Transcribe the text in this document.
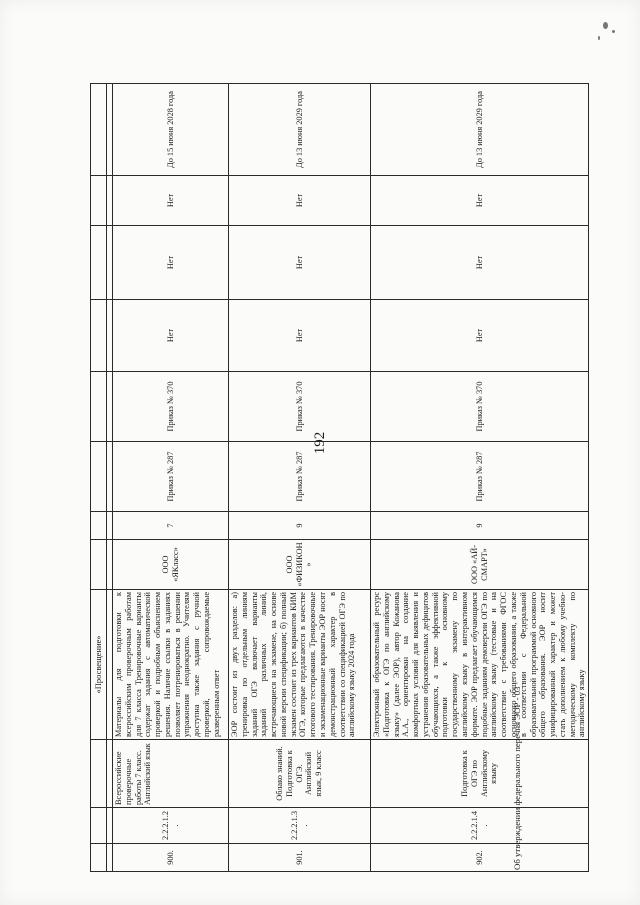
192
			«Просвещение»								

900.	2.2.2.1.2.	Всероссийские проверочные работы 7 класс. Английский язык	Материалы для подготовки к всероссийским проверочным работам для 7 класса Тренировочные варианты содержат задания с автоматической проверкой и подробным объяснением решения. Наличие ссылки в заданиях позволяет потренироваться в решении упражнения неоднократно. Учителям доступна также задания с ручной проверкой, сопровождаемые разверенным ответ	ООО «ЯКласс»	7	Приказ № 287	Приказ № 370	Нет	Нет	Нет	До 15 июня 2028 года
901.	2.2.2.1.3.	Облако знаний. Подготовка к ОГЭ. Английский язык, 9 класс	ЭОР состоит из двух разделов: а) тренировка по отдельным линиям заданий ОГЭ включает варианты заданий различных линий, встречающиеся на экзамене, на основе новой версии спецификации; б) полный экзамен состоит из трех вариантов КИМ ОГЭ, которые предлагаются в качестве итогового тестирования. Тренировочные и экзаменационные варианты ЭОР носят демонстрационный характер в соответствии со спецификацией ОГЭ по английскому языку 2024 года	ООО «ФИЗИКОН»	9	Приказ № 287	Приказ № 370	Нет	Нет	Нет	До 13 июня 2029 года
902.	2.2.2.1.4.	Подготовка к ОГЭ по Английскому языку	Электронный образовательный ресурс «Подготовка к ОГЭ по английскому языку» (далее ЭОР), автор Кожанова А.А., ориентирован на создание комфортных условий для выявления и устранения образовательных дефицитов обучающихся, а также эффективной подготовки к основному государственному экзамену по английскому языку в интерактивном формате. ЭОР предлагает обучающимся подобные заданиям демоверсии ОГЭ по английскому языку (тестовые и на соответствие с требованиями ФГОС основного общего образования, а также в соответствии с Федеральной образовательной программой основного общего образования. ЭОР носит унифицированный характер и может стать дополнением к любому учебно-методическому комплекту по английскому языку	ООО «АЙ-СМАРТ»	9	Приказ № 287	Приказ № 370	Нет	Нет	Нет	До 13 июня 2029 года
Об утверждении федерального перечня ЭОР - 03
